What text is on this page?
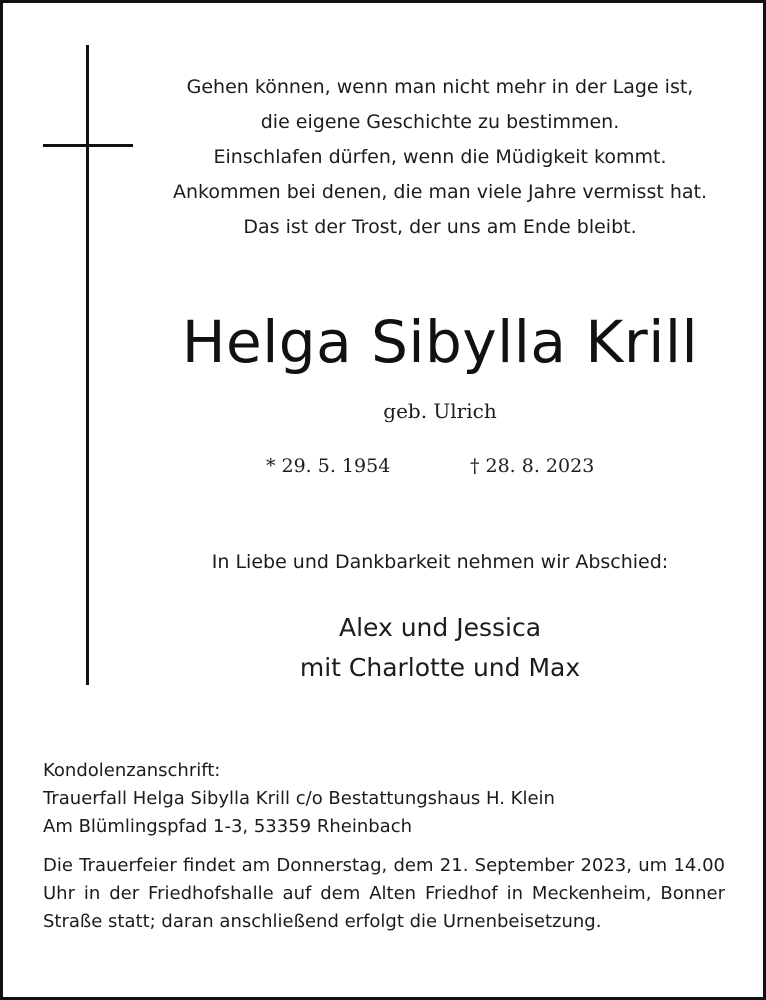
Gehen können, wenn man nicht mehr in der Lage ist,
die eigene Geschichte zu bestimmen.
Einschlafen dürfen, wenn die Müdigkeit kommt.
Ankommen bei denen, die man viele Jahre vermisst hat.
Das ist der Trost, der uns am Ende bleibt.
Helga Sibylla Krill
geb. Ulrich
* 29. 5. 1954	† 28. 8. 2023
In Liebe und Dankbarkeit nehmen wir Abschied:
Alex und Jessica
mit Charlotte und Max
Kondolenzanschrift:
Trauerfall Helga Sibylla Krill c/o Bestattungshaus H. Klein
Am Blümlingspfad 1-3, 53359 Rheinbach
Die Trauerfeier findet am Donnerstag, dem 21. September 2023, um 14.00 Uhr in der Friedhofshalle auf dem Alten Friedhof in Meckenheim, Bonner Straße statt; daran anschließend erfolgt die Urnenbeisetzung.
